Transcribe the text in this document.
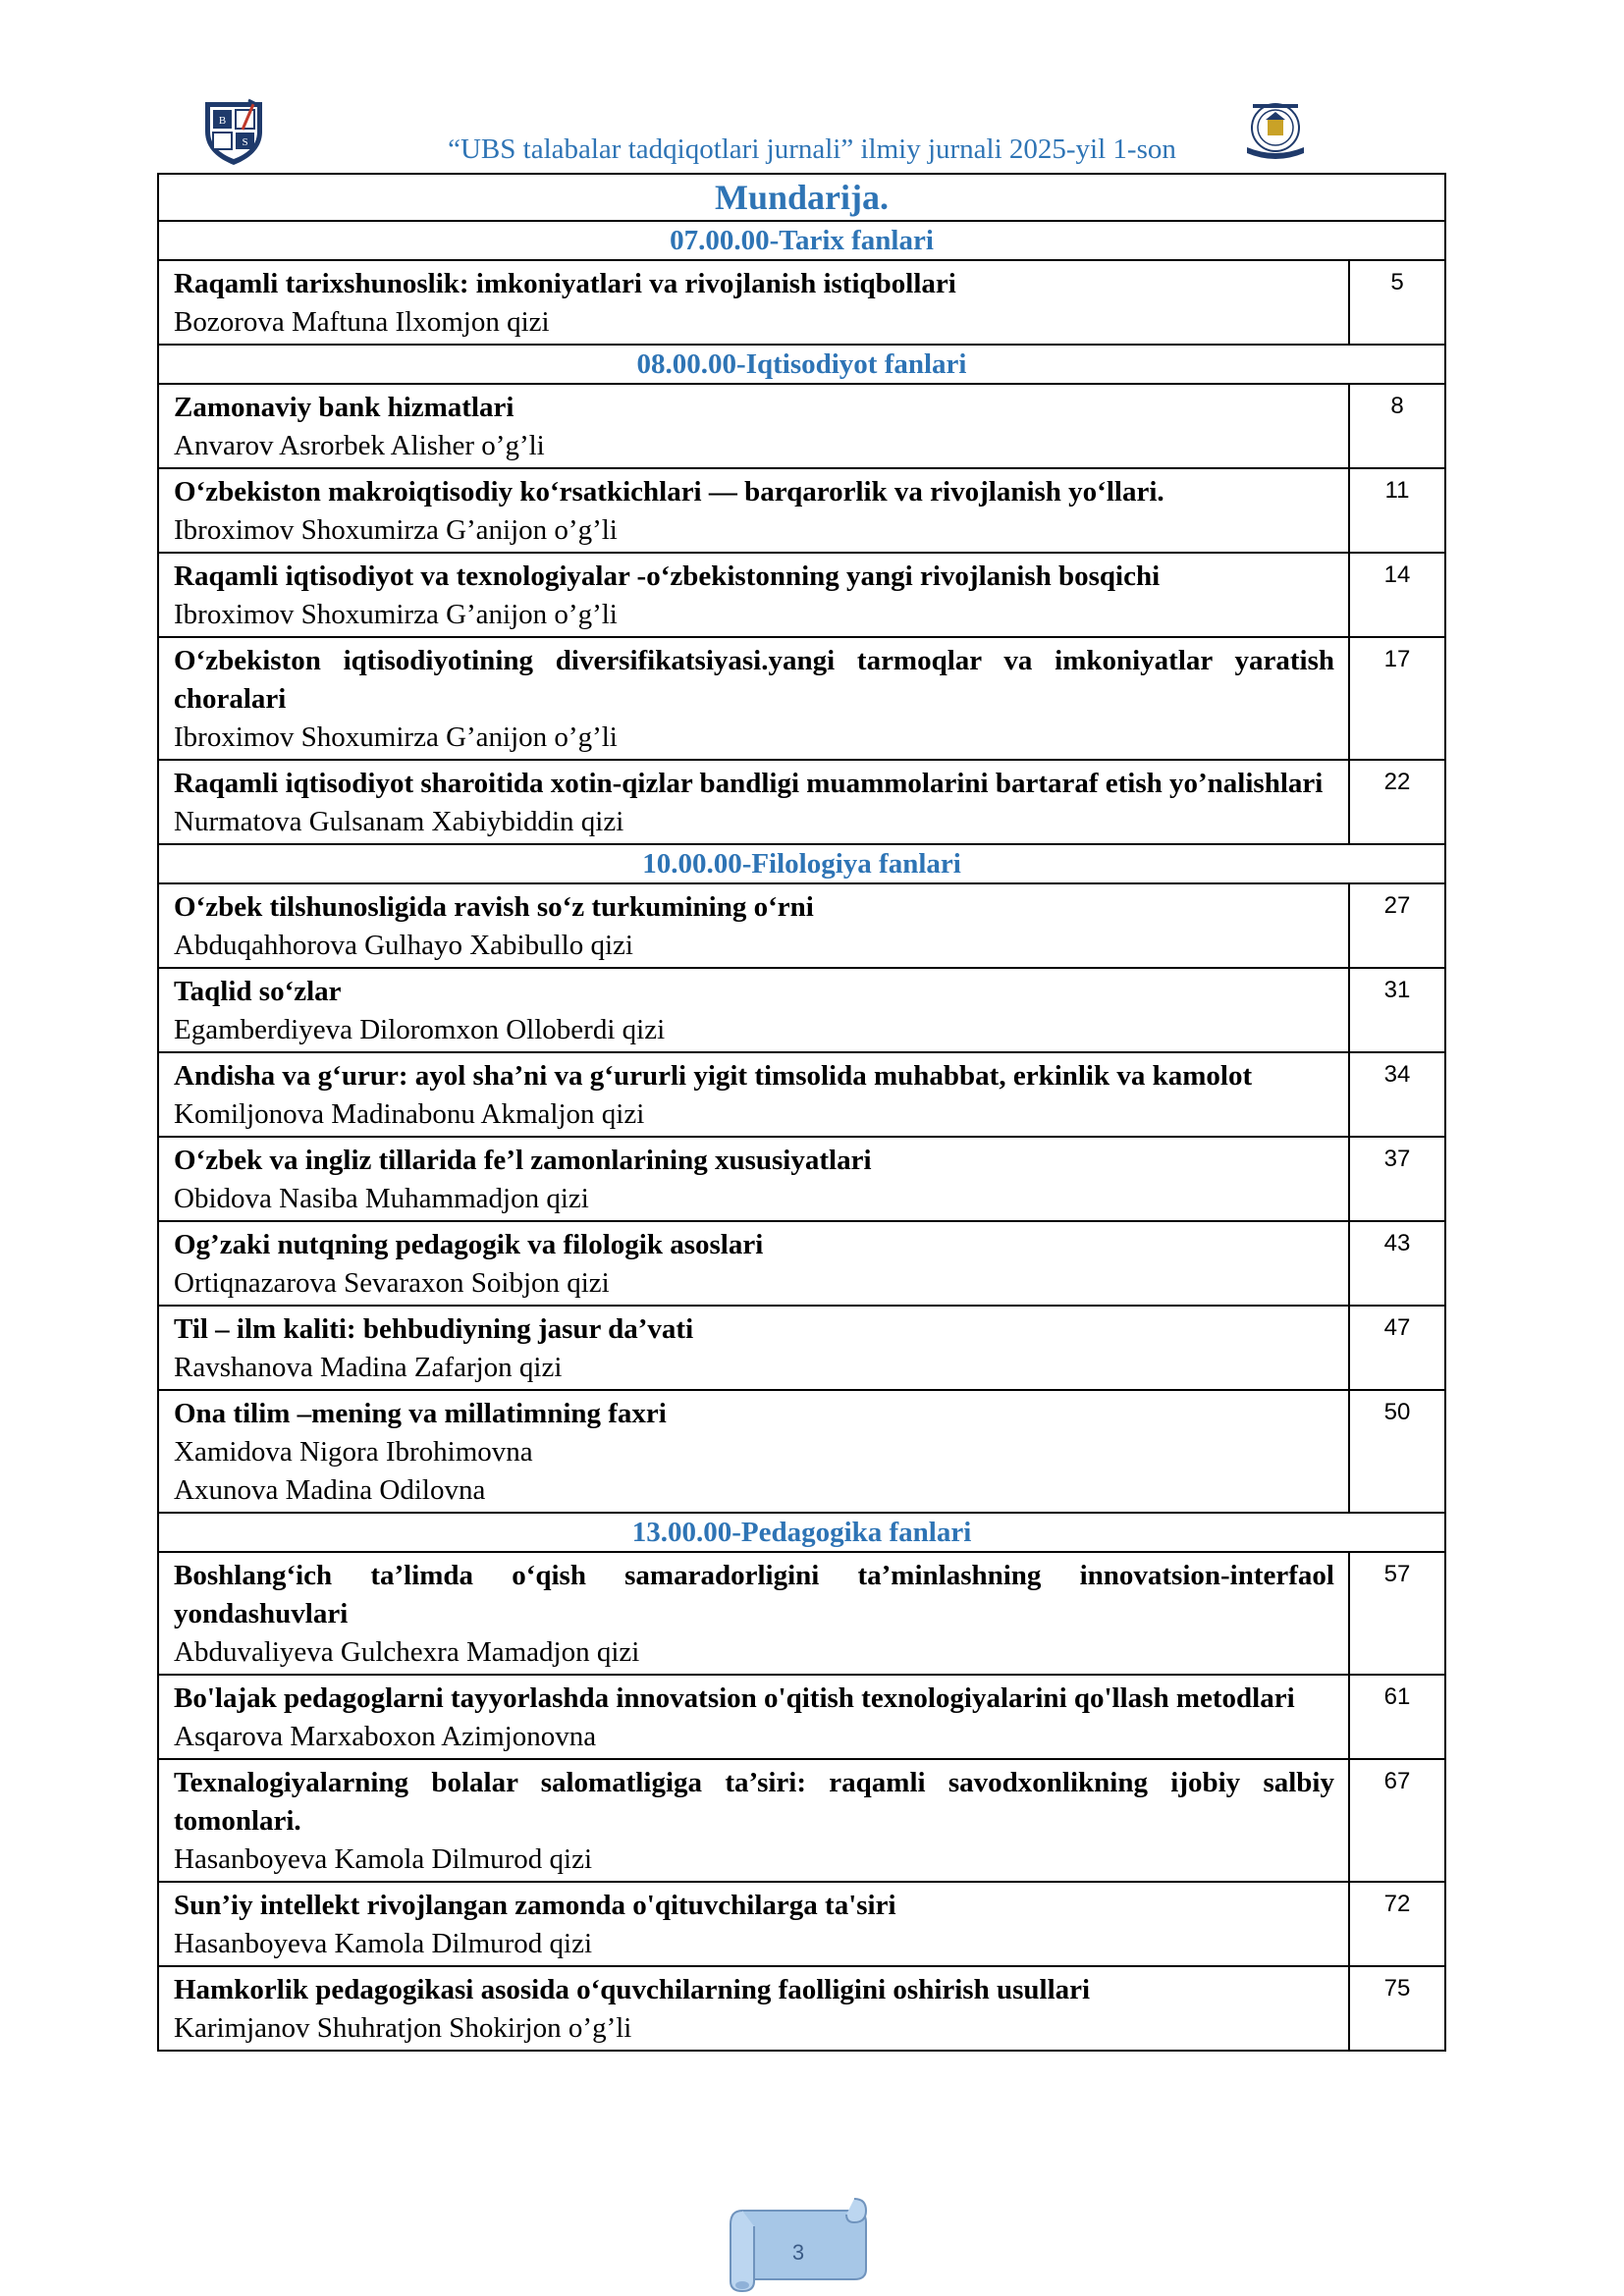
B
S	“UBS talabalar tadqiqotlari jurnali” ilmiy jurnali 2025-yil 1-son
Mundarija.	
07.00.00-Tarix fanlari	

Raqamli tarixshunoslik: imkoniyatlari va rivojlanish istiqbollari
Bozorova Maftuna Ilxomjon qizi	5
08.00.00-Iqtisodiyot fanlari	

Zamonaviy bank hizmatlari
Anvarov Asrorbek Alisher o’g’li	8

O‘zbekiston makroiqtisodiy ko‘rsatkichlari — barqarorlik va rivojlanish yo‘llari.
Ibroximov Shoxumirza G’anijon o’g’li	11

Raqamli iqtisodiyot va texnologiyalar -o‘zbekistonning yangi rivojlanish bosqichi
Ibroximov Shoxumirza G’anijon o’g’li	14

O‘zbekiston iqtisodiyotining diversifikatsiyasi.yangi tarmoqlar va imkoniyatlar yaratish choralari
Ibroximov Shoxumirza G’anijon o’g’li	17

Raqamli iqtisodiyot sharoitida xotin-qizlar bandligi muammolarini bartaraf etish yo’nalishlari
Nurmatova Gulsanam Xabiybiddin qizi	22
10.00.00-Filologiya fanlari	

O‘zbek tilshunosligida ravish so‘z turkumining o‘rni
Abduqahhorova Gulhayo Xabibullo qizi	27

Taqlid so‘zlar
Egamberdiyeva Diloromxon Olloberdi qizi	31

Andisha va g‘urur: ayol sha’ni va g‘ururli yigit timsolida muhabbat, erkinlik va kamolot
Komiljonova Madinabonu Akmaljon qizi	34

O‘zbek va ingliz tillarida fe’l zamonlarining xususiyatlari
Obidova Nasiba Muhammadjon qizi	37

Og’zaki nutqning pedagogik va filologik asoslari
Ortiqnazarova Sevaraxon Soibjon qizi	43

Til – ilm kaliti: behbudiyning jasur da’vati
Ravshanova Madina Zafarjon qizi	47

Ona tilim –mening va millatimning faxri
Xamidova Nigora Ibrohimovna
Axunova Madina Odilovna	50
13.00.00-Pedagogika fanlari	

Boshlang‘ich ta’limda o‘qish samaradorligini ta’minlashning innovatsion-interfaol yondashuvlari
Abduvaliyeva Gulchexra Mamadjon qizi	57

Bo'lajak pedagoglarni tayyorlashda innovatsion o'qitish texnologiyalarini qo'llash metodlari
Asqarova Marxaboxon Azimjonovna	61

Texnalogiyalarning bolalar salomatligiga ta’siri: raqamli savodxonlikning ijobiy salbiy tomonlari.
Hasanboyeva Kamola Dilmurod qizi	67

Sun’iy intellekt rivojlangan zamonda o'qituvchilarga ta'siri
Hasanboyeva Kamola Dilmurod qizi	72

Hamkorlik pedagogikasi asosida o‘quvchilarning faolligini oshirish usullari
Karimjanov Shuhratjon Shokirjon o’g’li	75
3
